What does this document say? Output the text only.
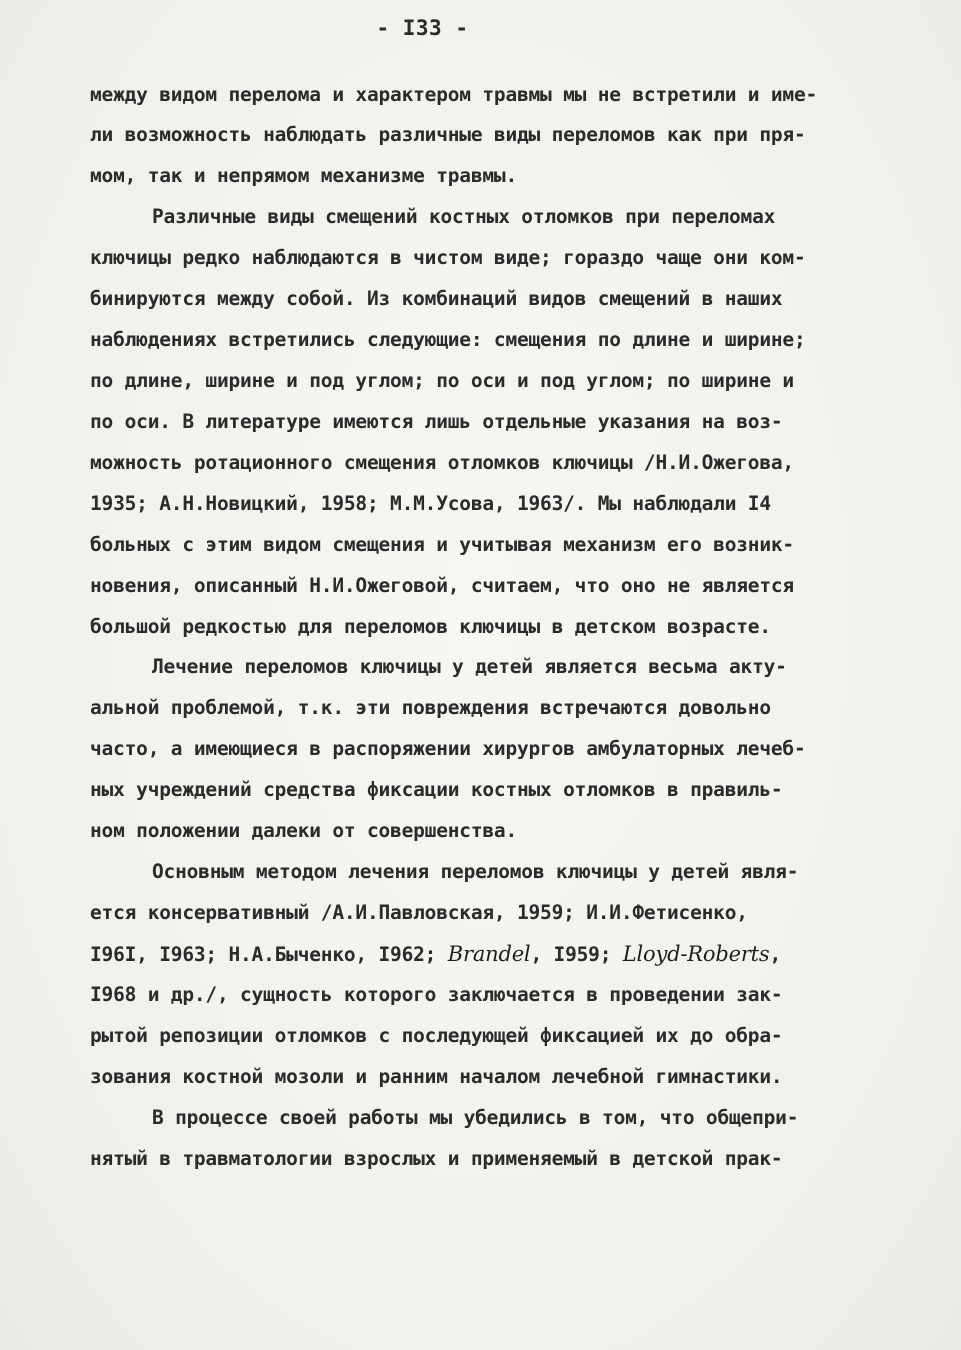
- I33 -
между видом перелома и характером травмы мы не встретили и име-
ли возможность наблюдать различные виды переломов как при пря-
мом, так и непрямом механизме травмы.
Различные виды смещений костных отломков при переломах
ключицы редко наблюдаются в чистом виде; гораздо чаще они ком-
бинируются между собой. Из комбинаций видов смещений в наших
наблюдениях встретились следующие: смещения по длине и ширине;
по длине, ширине и под углом; по оси и под углом; по ширине и
по оси. В литературе имеются лишь отдельные указания на воз-
можность ротационного смещения отломков ключицы /Н.И.Ожегова,
1935; А.Н.Новицкий, 1958; М.М.Усова, 1963/. Мы наблюдали I4
больных с этим видом смещения и учитывая механизм его возник-
новения, описанный Н.И.Ожеговой, считаем, что оно не является
большой редкостью для переломов ключицы в детском возрасте.
Лечение переломов ключицы у детей является весьма акту-
альной проблемой, т.к. эти повреждения встречаются довольно
часто, а имеющиеся в распоряжении хирургов амбулаторных лечеб-
ных учреждений средства фиксации костных отломков в правиль-
ном положении далеки от совершенства.
Основным методом лечения переломов ключицы у детей явля-
ется консервативный /А.И.Павловская, 1959; И.И.Фетисенко,
I96I, I963; Н.А.Быченко, I962; Brandel, I959; Lloyd-Roberts,
I968 и др./, сущность которого заключается в проведении зак-
рытой репозиции отломков с последующей фиксацией их до обра-
зования костной мозоли и ранним началом лечебной гимнастики.
В процессе своей работы мы убедились в том, что общепри-
нятый в травматологии взрослых и применяемый в детской прак-
